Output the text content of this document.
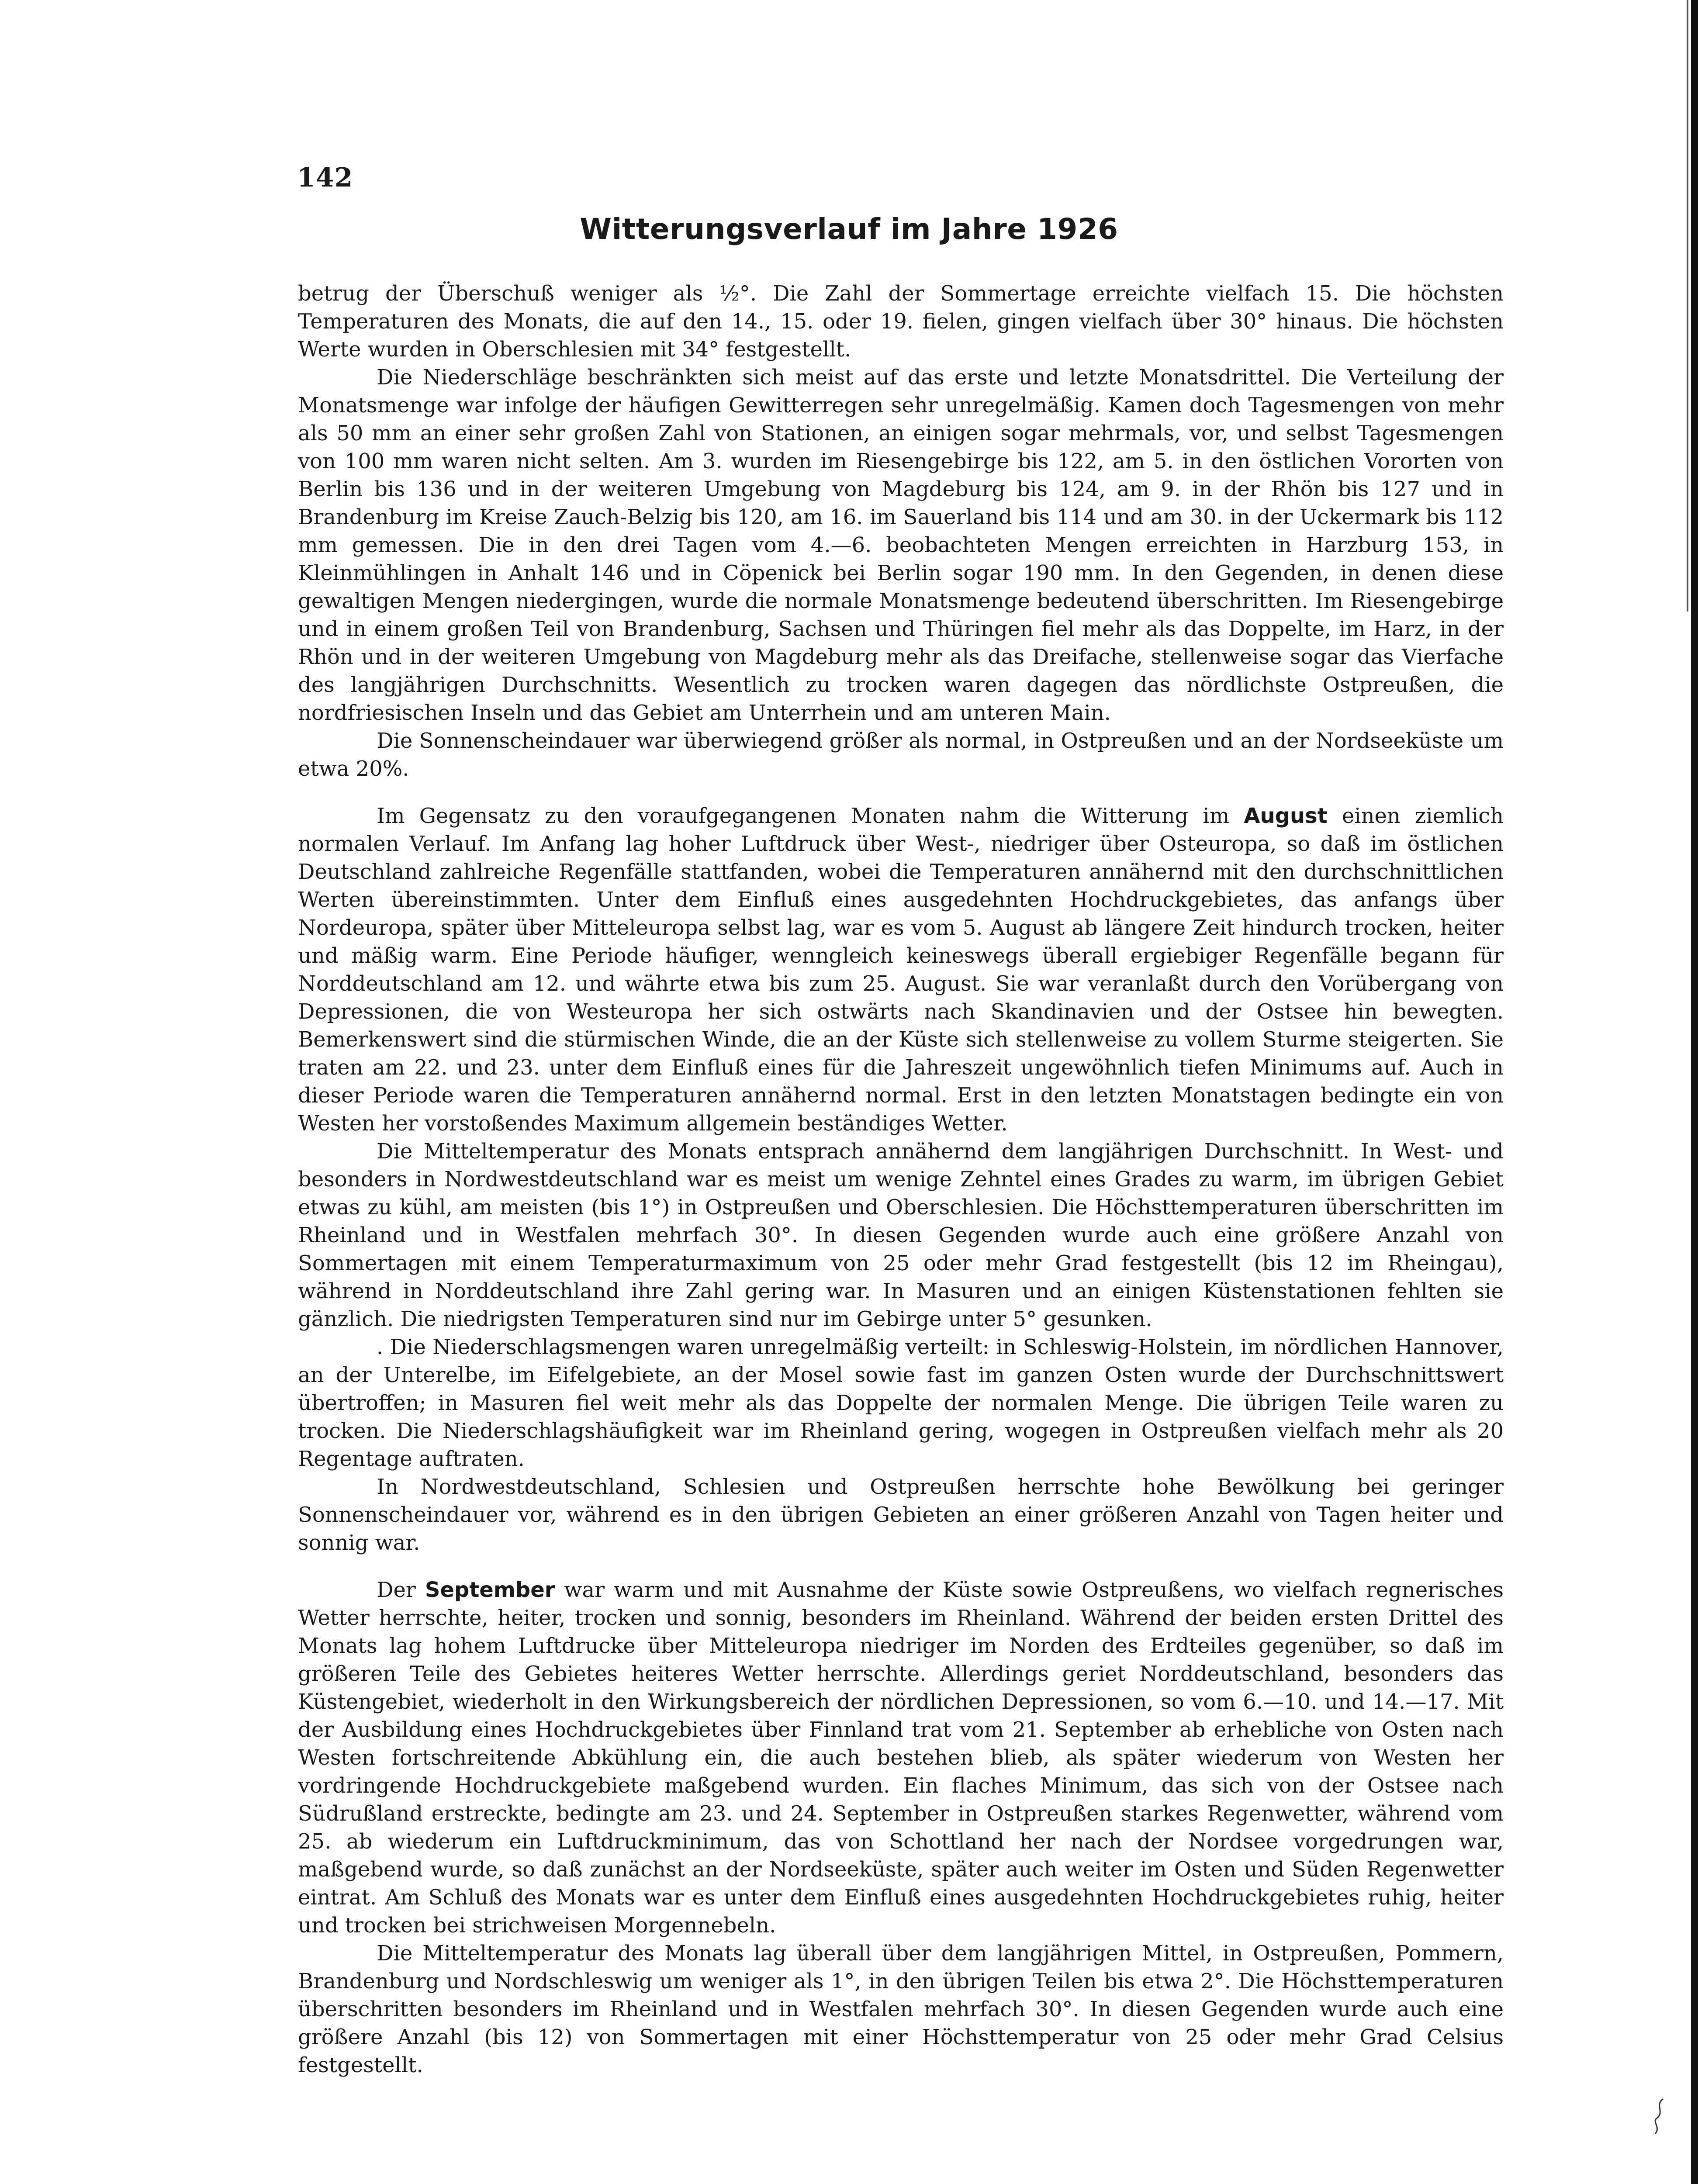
142
Witterungsverlauf im Jahre 1926

betrug der Überschuß weniger als ½°. Die Zahl der Sommertage erreichte vielfach 15. Die höchsten Temperaturen des Monats, die auf den 14., 15. oder 19. fielen, gingen vielfach über 30° hinaus. Die höchsten Werte wurden in Oberschlesien mit 34° festgestellt.

Die Niederschläge beschränkten sich meist auf das erste und letzte Monatsdrittel. Die Verteilung der Monatsmenge war infolge der häufigen Gewitterregen sehr unregelmäßig. Kamen doch Tagesmengen von mehr als 50 mm an einer sehr großen Zahl von Stationen, an einigen sogar mehrmals, vor, und selbst Tagesmengen von 100 mm waren nicht selten. Am 3. wurden im Riesengebirge bis 122, am 5. in den östlichen Vororten von Berlin bis 136 und in der weiteren Umgebung von Magdeburg bis 124, am 9. in der Rhön bis 127 und in Brandenburg im Kreise Zauch-Belzig bis 120, am 16. im Sauerland bis 114 und am 30. in der Uckermark bis 112 mm gemessen. Die in den drei Tagen vom 4.—6. beobachteten Mengen erreichten in Harzburg 153, in Kleinmühlingen in Anhalt 146 und in Cöpenick bei Berlin sogar 190 mm. In den Gegenden, in denen diese gewaltigen Mengen niedergingen, wurde die normale Monatsmenge bedeutend überschritten. Im Riesengebirge und in einem großen Teil von Brandenburg, Sachsen und Thüringen fiel mehr als das Doppelte, im Harz, in der Rhön und in der weiteren Umgebung von Magdeburg mehr als das Dreifache, stellenweise sogar das Vierfache des langjährigen Durchschnitts. Wesentlich zu trocken waren dagegen das nördlichste Ostpreußen, die nordfriesischen Inseln und das Gebiet am Unterrhein und am unteren Main.

Die Sonnenscheindauer war überwiegend größer als normal, in Ostpreußen und an der Nordseeküste um etwa 20%.

Im Gegensatz zu den voraufgegangenen Monaten nahm die Witterung im August einen ziemlich normalen Verlauf. Im Anfang lag hoher Luftdruck über West-, niedriger über Osteuropa, so daß im östlichen Deutschland zahlreiche Regenfälle stattfanden, wobei die Temperaturen annähernd mit den durchschnittlichen Werten übereinstimmten. Unter dem Einfluß eines ausgedehnten Hochdruckgebietes, das anfangs über Nordeuropa, später über Mitteleuropa selbst lag, war es vom 5. August ab längere Zeit hindurch trocken, heiter und mäßig warm. Eine Periode häufiger, wenngleich keineswegs überall ergiebiger Regenfälle begann für Norddeutschland am 12. und währte etwa bis zum 25. August. Sie war veranlaßt durch den Vorübergang von Depressionen, die von Westeuropa her sich ostwärts nach Skandinavien und der Ostsee hin bewegten. Bemerkenswert sind die stürmischen Winde, die an der Küste sich stellenweise zu vollem Sturme steigerten. Sie traten am 22. und 23. unter dem Einfluß eines für die Jahreszeit ungewöhnlich tiefen Minimums auf. Auch in dieser Periode waren die Temperaturen annähernd normal. Erst in den letzten Monatstagen bedingte ein von Westen her vorstoßendes Maximum allgemein beständiges Wetter.

Die Mitteltemperatur des Monats entsprach annähernd dem langjährigen Durchschnitt. In West- und besonders in Nordwestdeutschland war es meist um wenige Zehntel eines Grades zu warm, im übrigen Gebiet etwas zu kühl, am meisten (bis 1°) in Ostpreußen und Oberschlesien. Die Höchsttemperaturen überschritten im Rheinland und in Westfalen mehrfach 30°. In diesen Gegenden wurde auch eine größere Anzahl von Sommertagen mit einem Temperaturmaximum von 25 oder mehr Grad festgestellt (bis 12 im Rheingau), während in Norddeutschland ihre Zahl gering war. In Masuren und an einigen Küstenstationen fehlten sie gänzlich. Die niedrigsten Temperaturen sind nur im Gebirge unter 5° gesunken.

. Die Niederschlagsmengen waren unregelmäßig verteilt: in Schleswig-Holstein, im nördlichen Hannover, an der Unterelbe, im Eifelgebiete, an der Mosel sowie fast im ganzen Osten wurde der Durchschnittswert übertroffen; in Masuren fiel weit mehr als das Doppelte der normalen Menge. Die übrigen Teile waren zu trocken. Die Niederschlagshäufigkeit war im Rheinland gering, wogegen in Ostpreußen vielfach mehr als 20 Regentage auftraten.

In Nordwestdeutschland, Schlesien und Ostpreußen herrschte hohe Bewölkung bei geringer Sonnenscheindauer vor, während es in den übrigen Gebieten an einer größeren Anzahl von Tagen heiter und sonnig war.

Der September war warm und mit Ausnahme der Küste sowie Ostpreußens, wo vielfach regnerisches Wetter herrschte, heiter, trocken und sonnig, besonders im Rheinland. Während der beiden ersten Drittel des Monats lag hohem Luftdrucke über Mitteleuropa niedriger im Norden des Erdteiles gegenüber, so daß im größeren Teile des Gebietes heiteres Wetter herrschte. Allerdings geriet Norddeutschland, besonders das Küstengebiet, wiederholt in den Wirkungsbereich der nördlichen Depressionen, so vom 6.—10. und 14.—17. Mit der Ausbildung eines Hochdruckgebietes über Finnland trat vom 21. September ab erhebliche von Osten nach Westen fortschreitende Abkühlung ein, die auch bestehen blieb, als später wiederum von Westen her vordringende Hochdruckgebiete maßgebend wurden. Ein flaches Minimum, das sich von der Ostsee nach Südrußland erstreckte, bedingte am 23. und 24. September in Ostpreußen starkes Regenwetter, während vom 25. ab wiederum ein Luftdruckminimum, das von Schottland her nach der Nordsee vorgedrungen war, maßgebend wurde, so daß zunächst an der Nordseeküste, später auch weiter im Osten und Süden Regenwetter eintrat. Am Schluß des Monats war es unter dem Einfluß eines ausgedehnten Hochdruckgebietes ruhig, heiter und trocken bei strichweisen Morgennebeln.

Die Mitteltemperatur des Monats lag überall über dem langjährigen Mittel, in Ostpreußen, Pommern, Brandenburg und Nordschleswig um weniger als 1°, in den übrigen Teilen bis etwa 2°. Die Höchsttemperaturen überschritten besonders im Rheinland und in Westfalen mehrfach 30°. In diesen Gegenden wurde auch eine größere Anzahl (bis 12) von Sommertagen mit einer Höchsttemperatur von 25 oder mehr Grad Celsius festgestellt.
